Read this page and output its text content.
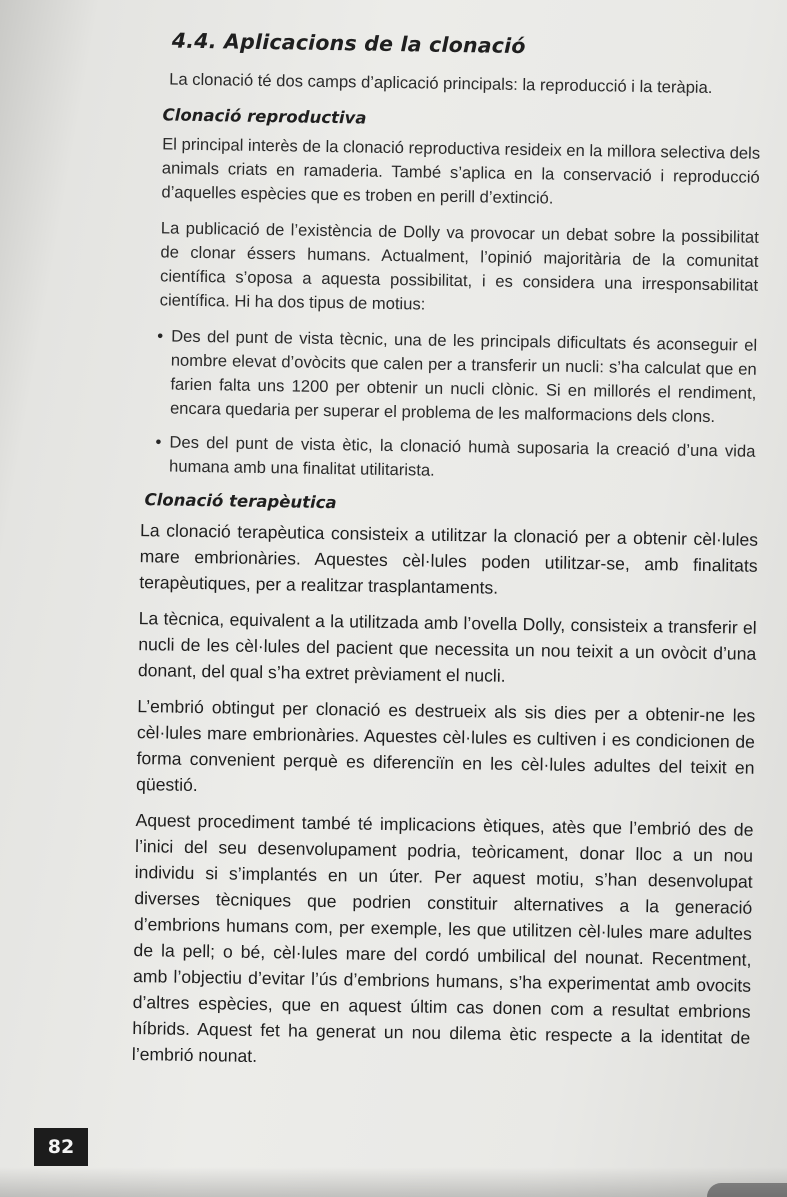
4.4. Aplicacions de la clonació

La clonació té dos camps d’aplicació principals: la reproducció i la teràpia.

Clonació reproductiva

El principal interès de la clonació reproductiva resideix en la millora selectiva dels animals criats en ramaderia. També s’aplica en la conservació i reproducció d’aquelles espècies que es troben en perill d’extinció.

La publicació de l’existència de Dolly va provocar un debat sobre la possibilitat de clonar éssers humans. Actualment, l’opinió majoritària de la comunitat científica s’oposa a aquesta possibilitat, i es considera una irresponsabilitat científica. Hi ha dos tipus de motius:

• Des del punt de vista tècnic, una de les principals dificultats és aconseguir el nombre elevat d’ovòcits que calen per a transferir un nucli: s’ha calculat que en farien falta uns 1200 per obtenir un nucli clònic. Si en millorés el rendiment, encara quedaria per superar el problema de les malformacions dels clons.

• Des del punt de vista ètic, la clonació humà suposaria la creació d’una vida humana amb una finalitat utilitarista.

Clonació terapèutica

La clonació terapèutica consisteix a utilitzar la clonació per a obtenir cèl·lules mare embrionàries. Aquestes cèl·lules poden utilitzar-se, amb finalitats terapèutiques, per a realitzar trasplantaments.

La tècnica, equivalent a la utilitzada amb l’ovella Dolly, consisteix a transferir el nucli de les cèl·lules del pacient que necessita un nou teixit a un ovòcit d’una donant, del qual s’ha extret prèviament el nucli.

L’embrió obtingut per clonació es destrueix als sis dies per a obtenir-ne les cèl·lules mare embrionàries. Aquestes cèl·lules es cultiven i es condicionen de forma convenient perquè es diferenciïn en les cèl·lules adultes del teixit en qüestió.

Aquest procediment també té implicacions ètiques, atès que l’embrió des de l’inici del seu desenvolupament podria, teòricament, donar lloc a un nou individu si s’implantés en un úter. Per aquest motiu, s’han desenvolupat diverses tècniques que podrien constituir alternatives a la generació d’embrions humans com, per exemple, les que utilitzen cèl·lules mare adultes de la pell; o bé, cèl·lules mare del cordó umbilical del nounat. Recentment, amb l’objectiu d’evitar l’ús d’embrions humans, s’ha experimentat amb ovocits d’altres espècies, que en aquest últim cas donen com a resultat embrions híbrids. Aquest fet ha generat un nou dilema ètic respecte a la identitat de l’embrió nounat.

82
